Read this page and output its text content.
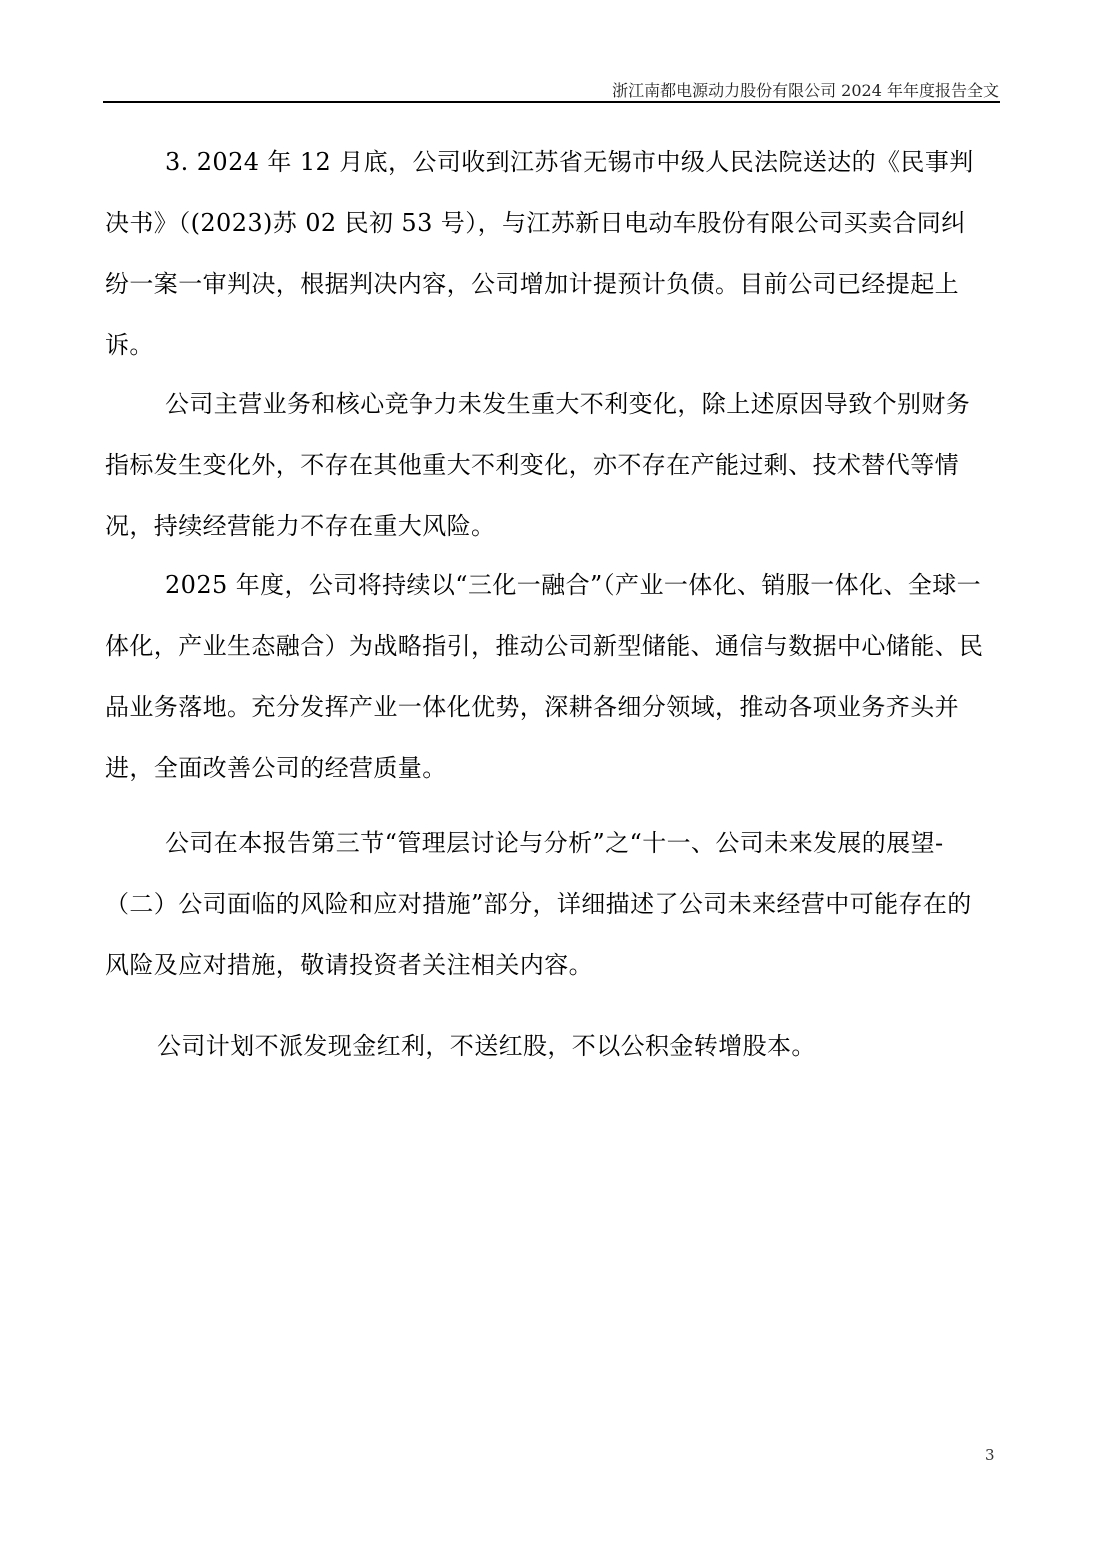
浙江南都电源动力股份有限公司 2024 年年度报告全文

3. 2024 年 12 月底，公司收到江苏省无锡市中级人民法院送达的《民事判决书》（(2023)苏 02 民初 53 号），与江苏新日电动车股份有限公司买卖合同纠纷一案一审判决，根据判决内容，公司增加计提预计负债。目前公司已经提起上诉。

公司主营业务和核心竞争力未发生重大不利变化，除上述原因导致个别财务指标发生变化外，不存在其他重大不利变化，亦不存在产能过剩、技术替代等情况，持续经营能力不存在重大风险。

2025 年度，公司将持续以“三化一融合”（产业一体化、销服一体化、全球一体化，产业生态融合）为战略指引，推动公司新型储能、通信与数据中心储能、民品业务落地。充分发挥产业一体化优势，深耕各细分领域，推动各项业务齐头并进，全面改善公司的经营质量。

公司在本报告第三节“管理层讨论与分析”之“十一、公司未来发展的展望-（二）公司面临的风险和应对措施”部分，详细描述了公司未来经营中可能存在的风险及应对措施，敬请投资者关注相关内容。

公司计划不派发现金红利，不送红股，不以公积金转增股本。

3
